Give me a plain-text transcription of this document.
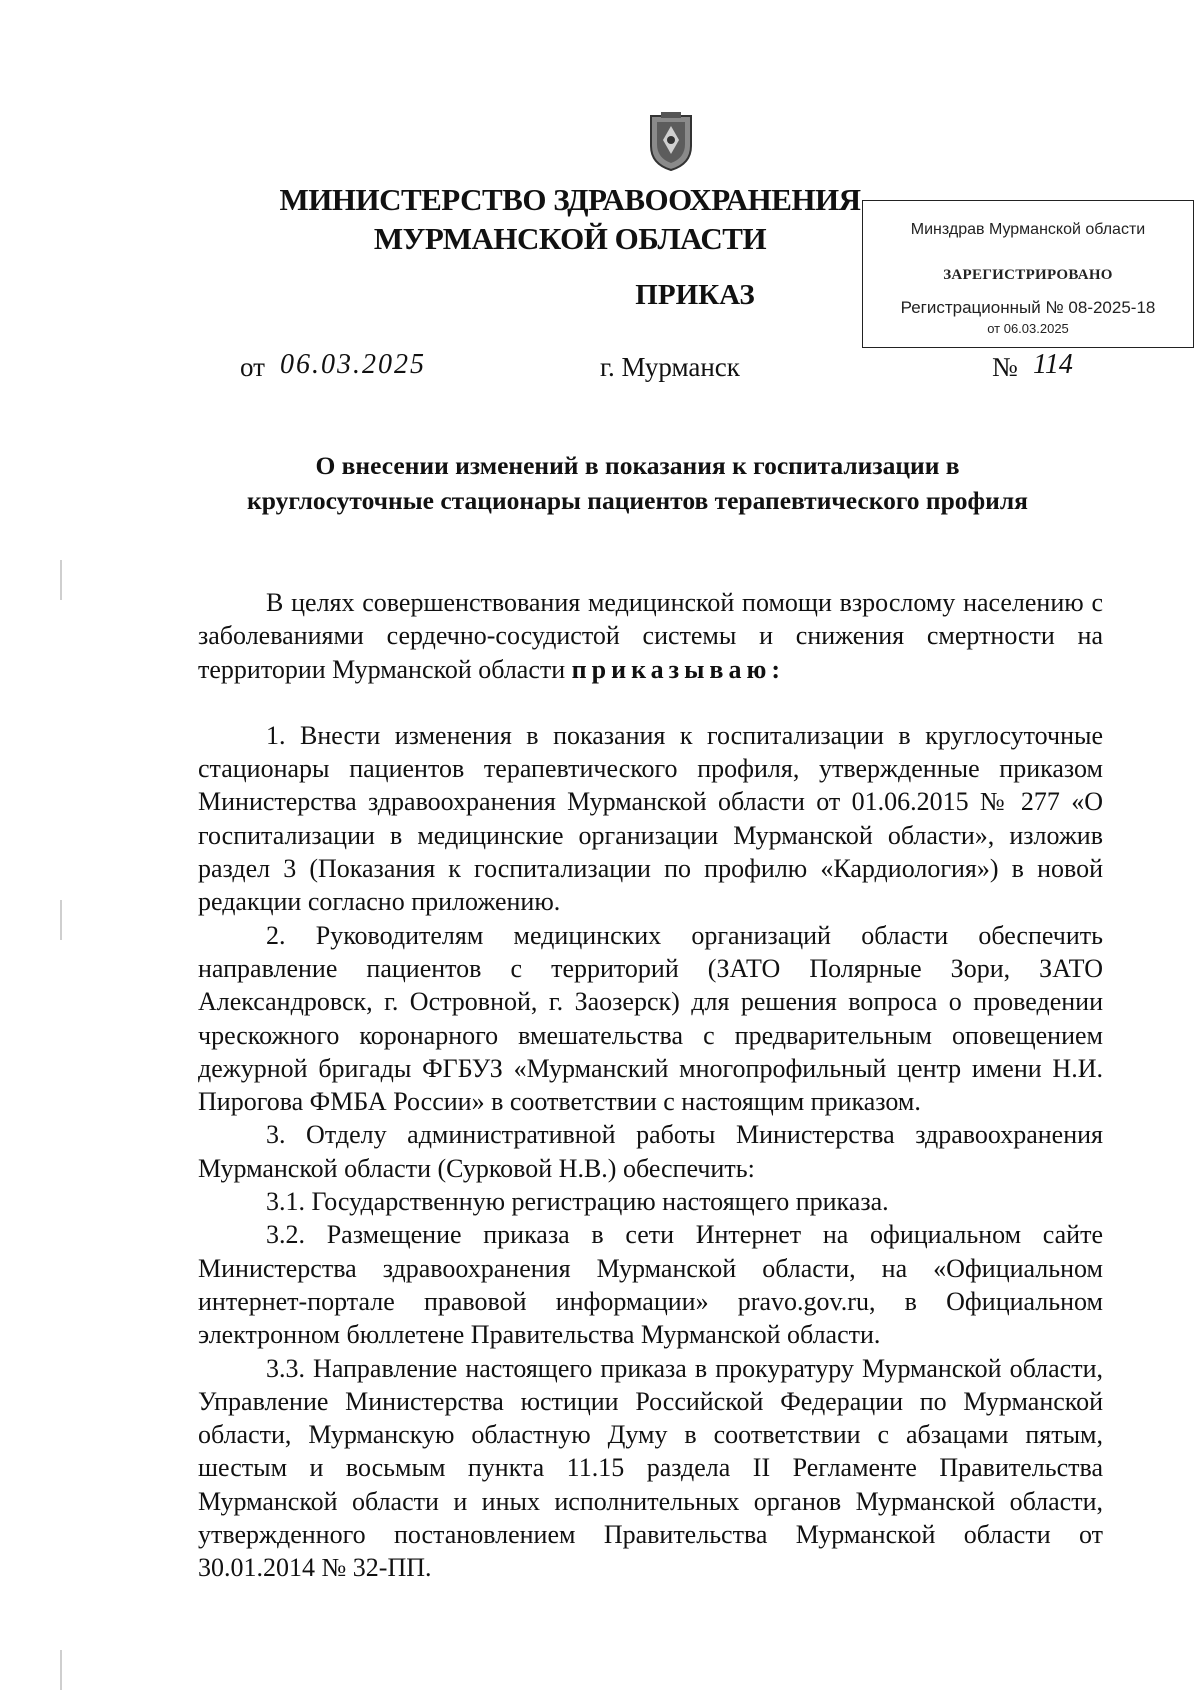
МИНИСТЕРСТВО ЗДРАВООХРАНЕНИЯ
МУРМАНСКОЙ ОБЛАСТИ
ПРИКАЗ
Минздрав Мурманской области
ЗАРЕГИСТРИРОВАНО
Регистрационный № 08-2025-18
от 06.03.2025
от 06.03.2025	г. Мурманск	№ 114
О внесении изменений в показания к госпитализации в
круглосуточные стационары пациентов терапевтического профиля

В целях совершенствования медицинской помощи взрослому населению с заболеваниями сердечно-сосудистой системы и снижения смертности на территории Мурманской области приказываю:

1. Внести изменения в показания к госпитализации в круглосуточные стационары пациентов терапевтического профиля, утвержденные приказом Министерства здравоохранения Мурманской области от 01.06.2015 № 277 «О госпитализации в медицинские организации Мурманской области», изложив раздел 3 (Показания к госпитализации по профилю «Кардиология») в новой редакции согласно приложению.

2. Руководителям медицинских организаций области обеспечить направление пациентов с территорий (ЗАТО Полярные Зори, ЗАТО Александровск, г. Островной, г. Заозерск) для решения вопроса о проведении чрескожного коронарного вмешательства с предварительным оповещением дежурной бригады ФГБУЗ «Мурманский многопрофильный центр имени Н.И. Пирогова ФМБА России» в соответствии с настоящим приказом.

3. Отделу административной работы Министерства здравоохранения Мурманской области (Сурковой Н.В.) обеспечить:

3.1. Государственную регистрацию настоящего приказа.

3.2. Размещение приказа в сети Интернет на официальном сайте Министерства здравоохранения Мурманской области, на «Официальном интернет-портале правовой информации» pravo.gov.ru, в Официальном электронном бюллетене Правительства Мурманской области.

3.3. Направление настоящего приказа в прокуратуру Мурманской области, Управление Министерства юстиции Российской Федерации по Мурманской области, Мурманскую областную Думу в соответствии с абзацами пятым, шестым и восьмым пункта 11.15 раздела II Регламенте Правительства Мурманской области и иных исполнительных органов Мурманской области, утвержденного постановлением Правительства Мурманской области от 30.01.2014 № 32-ПП.
